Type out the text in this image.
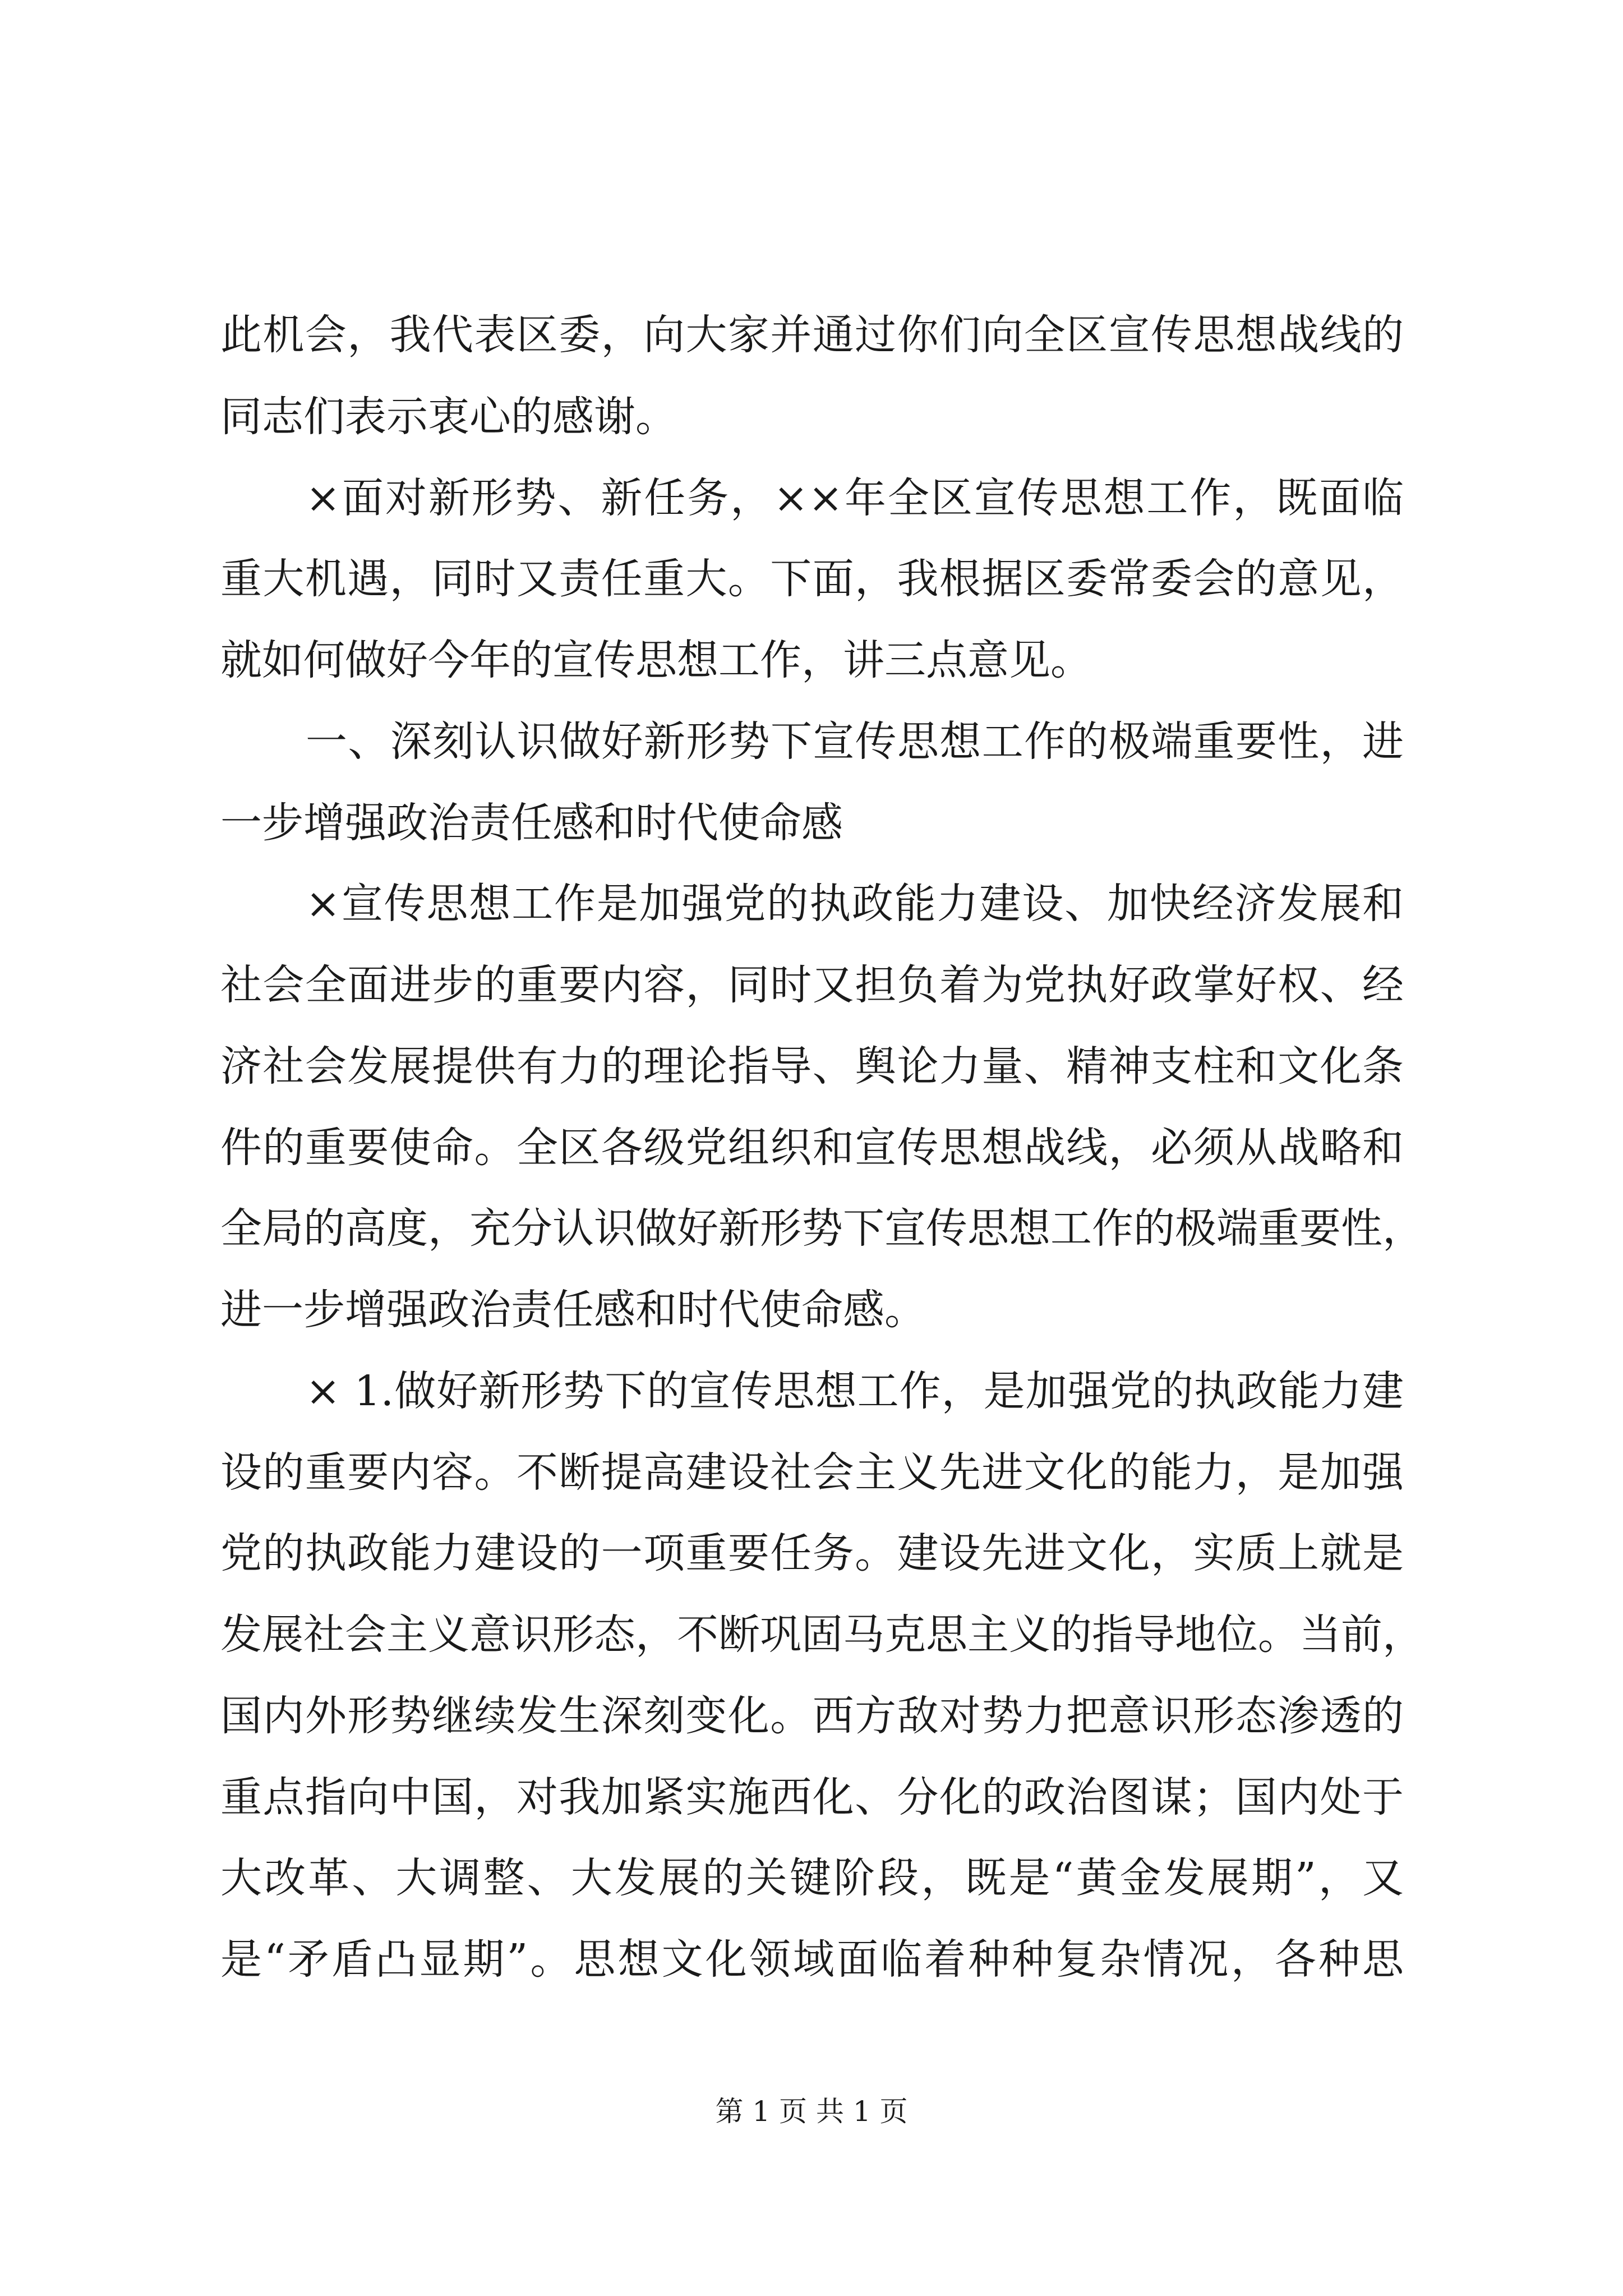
此机会，我代表区委，向大家并通过你们向全区宣传思想战线的

同志们表示衷心的感谢。

×面对新形势、新任务，××年全区宣传思想工作，既面临

重大机遇，同时又责任重大。下面，我根据区委常委会的意见，

就如何做好今年的宣传思想工作，讲三点意见。

一、深刻认识做好新形势下宣传思想工作的极端重要性，进

一步增强政治责任感和时代使命感

×宣传思想工作是加强党的执政能力建设、加快经济发展和

社会全面进步的重要内容，同时又担负着为党执好政掌好权、经

济社会发展提供有力的理论指导、舆论力量、精神支柱和文化条

件的重要使命。全区各级党组织和宣传思想战线，必须从战略和

全局的高度，充分认识做好新形势下宣传思想工作的极端重要性，

进一步增强政治责任感和时代使命感。

× 1.做好新形势下的宣传思想工作，是加强党的执政能力建

设的重要内容。不断提高建设社会主义先进文化的能力，是加强

党的执政能力建设的一项重要任务。建设先进文化，实质上就是

发展社会主义意识形态，不断巩固马克思主义的指导地位。当前，

国内外形势继续发生深刻变化。西方敌对势力把意识形态渗透的

重点指向中国，对我加紧实施西化、分化的政治图谋；国内处于

大改革、大调整、大发展的关键阶段，既是“黄金发展期”，又

是“矛盾凸显期”。思想文化领域面临着种种复杂情况，各种思

第 1 页 共 1 页
